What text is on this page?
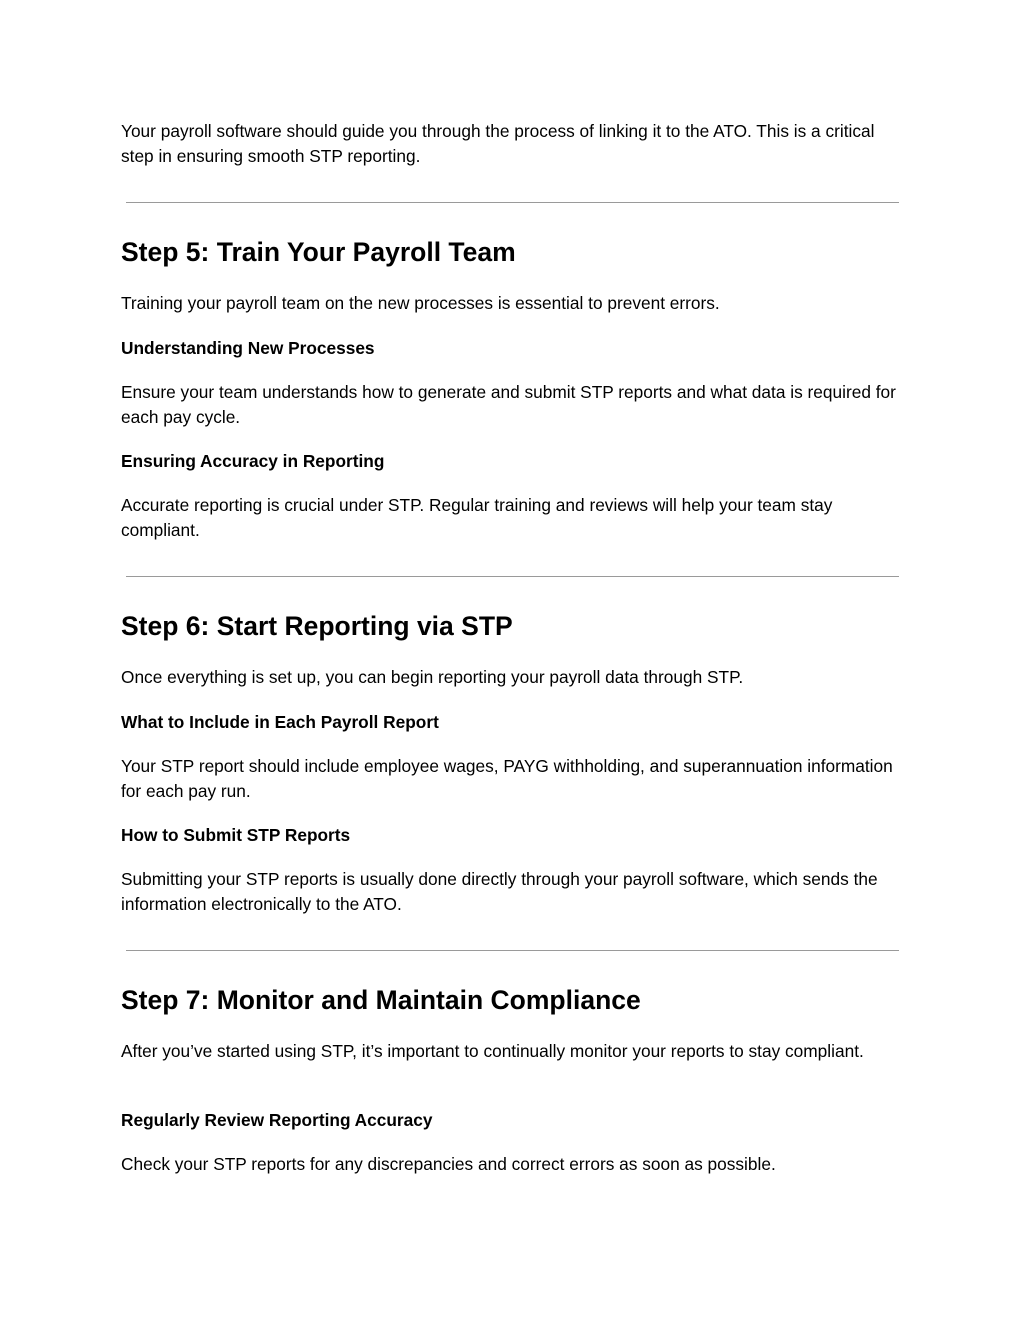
Your payroll software should guide you through the process of linking it to the ATO. This is a critical step in ensuring smooth STP reporting.

Step 5: Train Your Payroll Team

Training your payroll team on the new processes is essential to prevent errors.

Understanding New Processes

Ensure your team understands how to generate and submit STP reports and what data is required for each pay cycle.

Ensuring Accuracy in Reporting

Accurate reporting is crucial under STP. Regular training and reviews will help your team stay compliant.

Step 6: Start Reporting via STP

Once everything is set up, you can begin reporting your payroll data through STP.

What to Include in Each Payroll Report

Your STP report should include employee wages, PAYG withholding, and superannuation information for each pay run.

How to Submit STP Reports

Submitting your STP reports is usually done directly through your payroll software, which sends the information electronically to the ATO.

Step 7: Monitor and Maintain Compliance

After you’ve started using STP, it’s important to continually monitor your reports to stay compliant.

Regularly Review Reporting Accuracy

Check your STP reports for any discrepancies and correct errors as soon as possible.
